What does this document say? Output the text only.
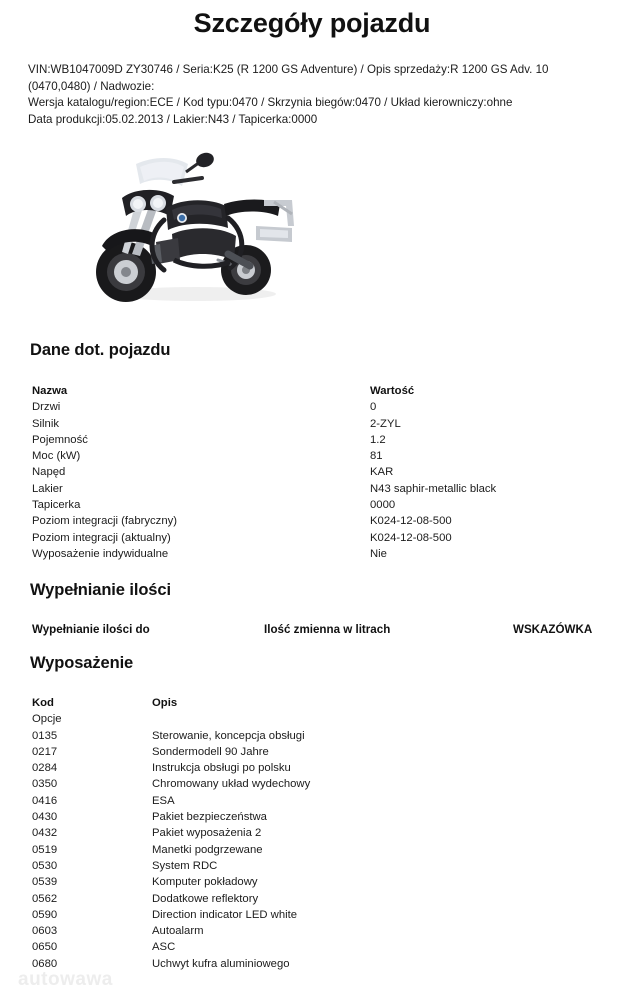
Szczegóły pojazdu
VIN:WB1047009D ZY30746 / Seria:K25 (R 1200 GS Adventure) / Opis sprzedaży:R 1200 GS Adv. 10 (0470,0480) / Nadwozie:
Wersja katalogu/region:ECE / Kod typu:0470 / Skrzynia biegów:0470 / Układ kierowniczy:ohne
Data produkcji:05.02.2013 / Lakier:N43 / Tapicerka:0000
Dane dot. pojazdu
Nazwa	Wartość
Drzwi	0
Silnik	2-ZYL
Pojemność	1.2
Moc (kW)	81
Napęd	KAR
Lakier	N43 saphir-metallic black
Tapicerka	0000
Poziom integracji (fabryczny)	K024-12-08-500
Poziom integracji (aktualny)	K024-12-08-500
Wyposażenie indywidualne	Nie
Wypełnianie ilości
Wypełnianie ilości do	Ilość zmienna w litrach	WSKAZÓWKA
Wyposażenie
Kod	Opis
Opcje
0135	Sterowanie, koncepcja obsługi
0217	Sondermodell 90 Jahre
0284	Instrukcja obsługi po polsku
0350	Chromowany układ wydechowy
0416	ESA
0430	Pakiet bezpieczeństwa
0432	Pakiet wyposażenia 2
0519	Manetki podgrzewane
0530	System RDC
0539	Komputer pokładowy
0562	Dodatkowe reflektory
0590	Direction indicator LED white
0603	Autoalarm
0650	ASC
0680	Uchwyt kufra aluminiowego
autowawa
